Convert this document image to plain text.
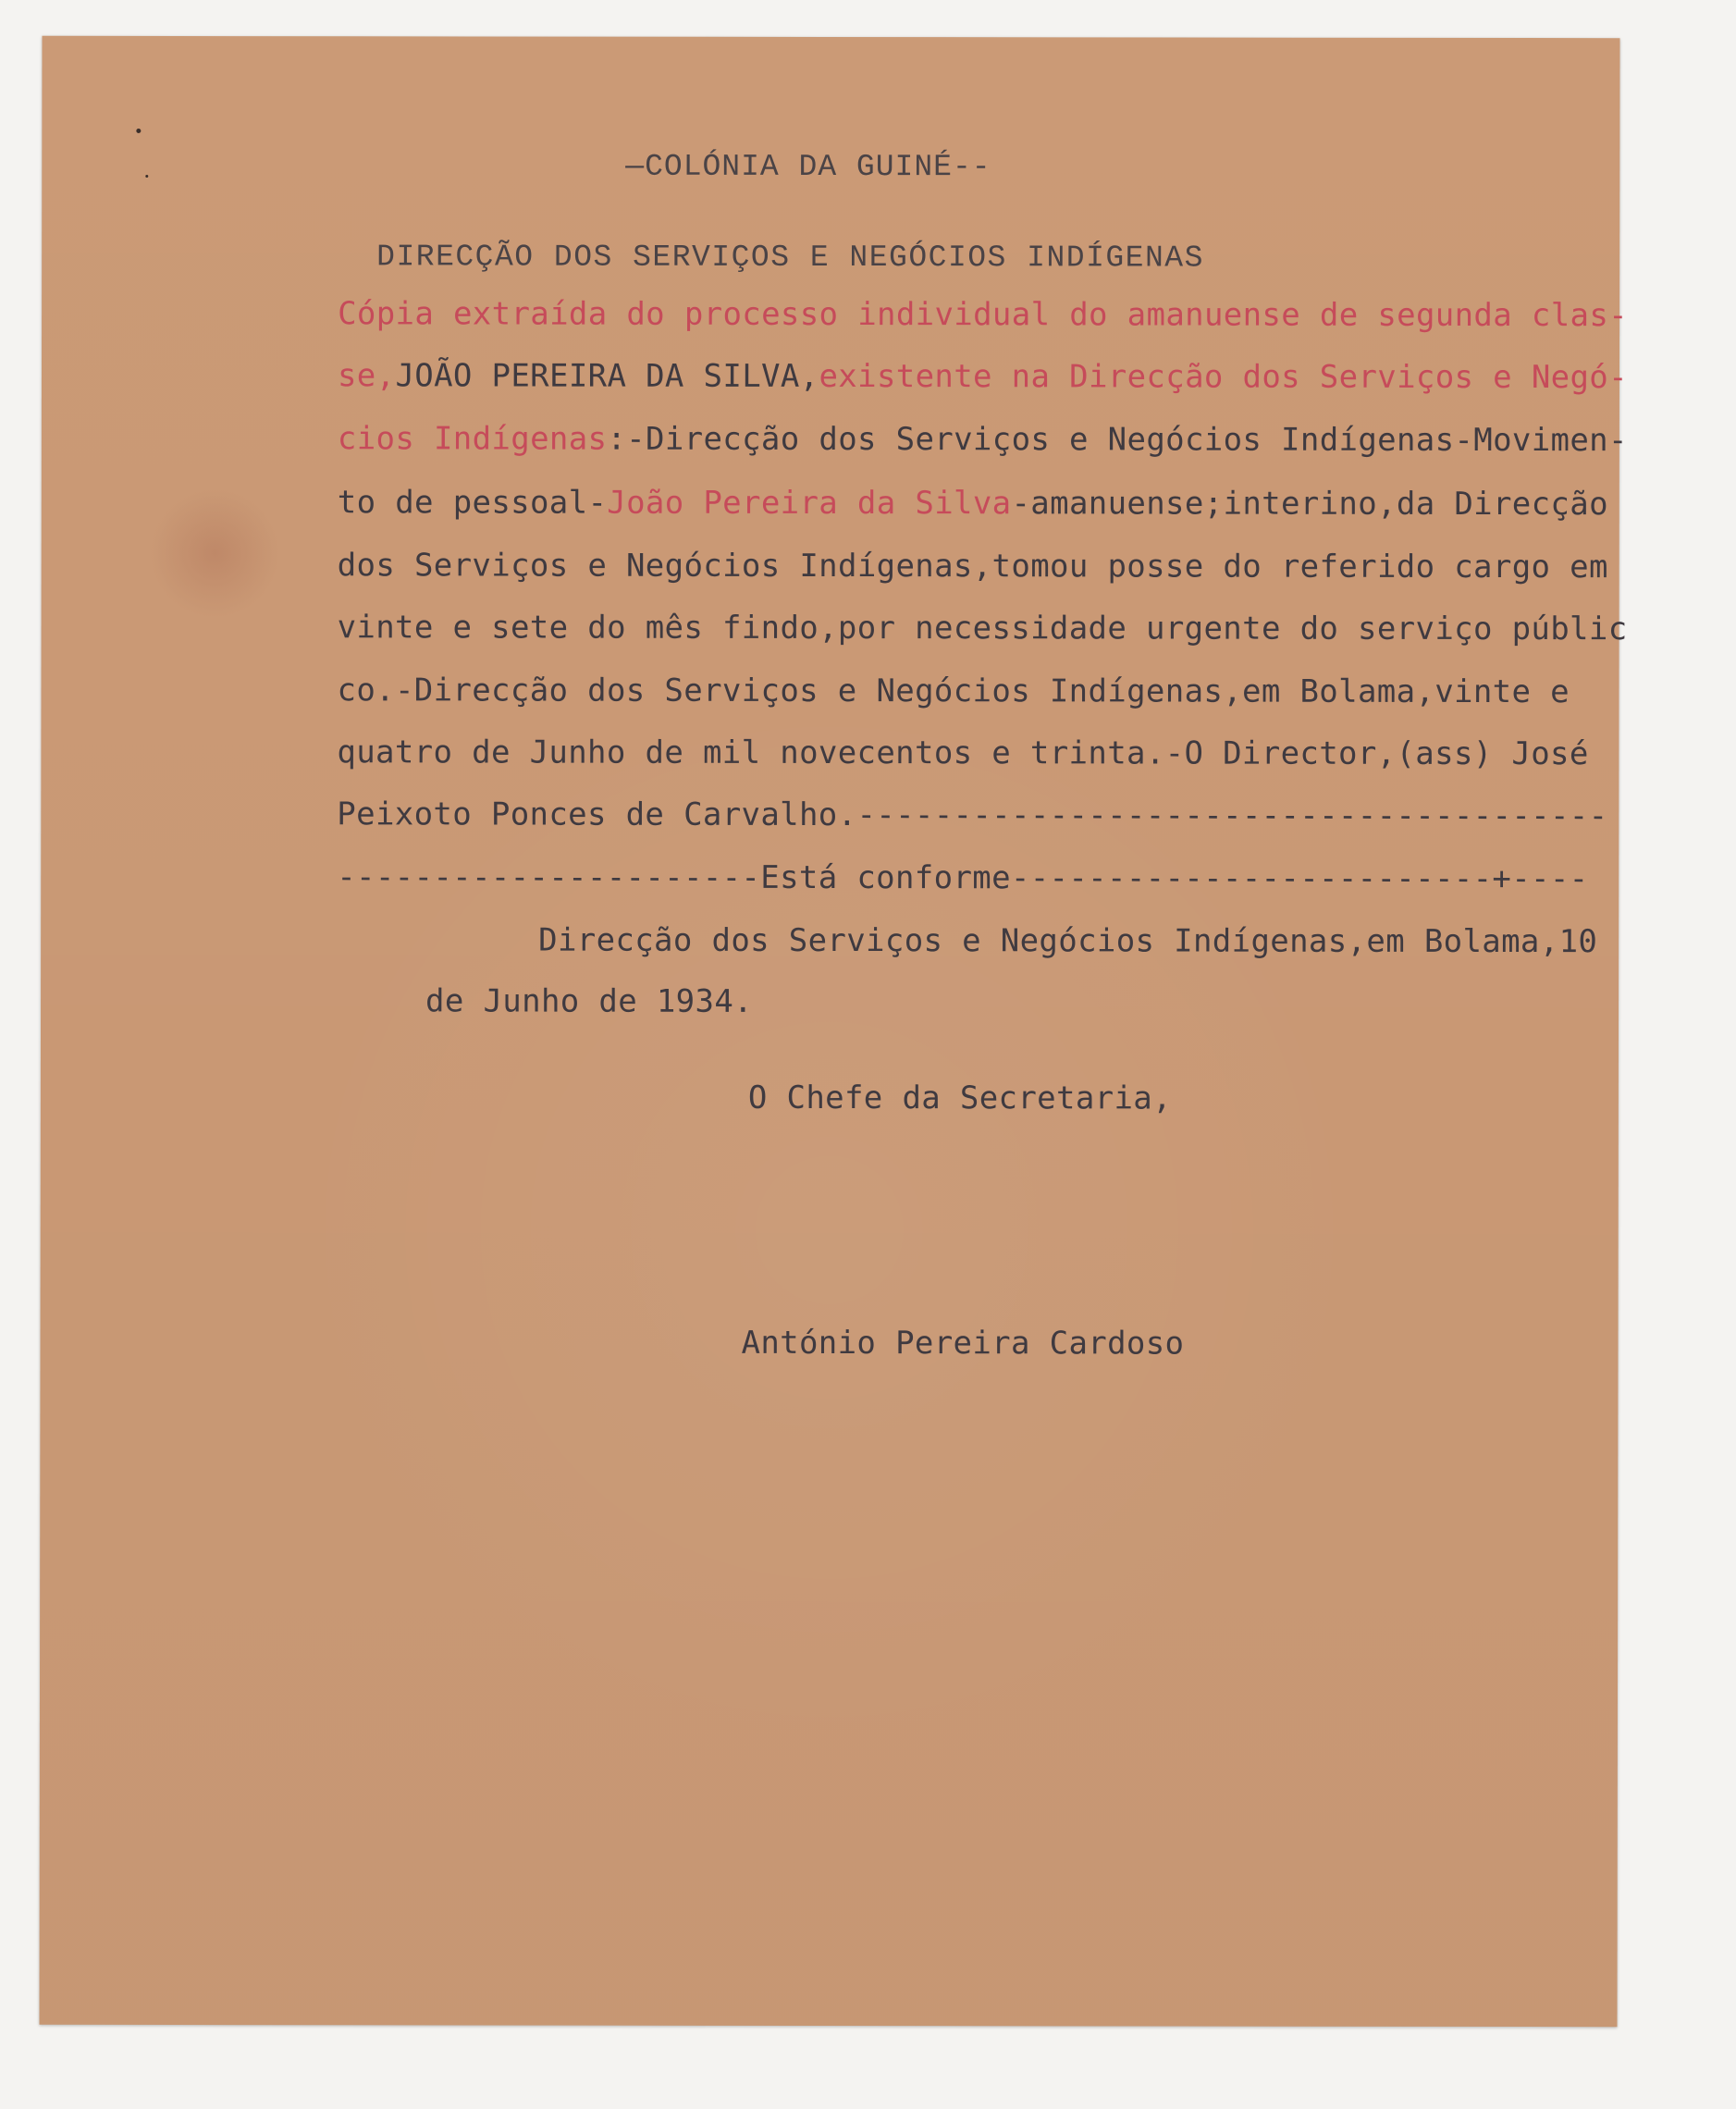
—COLÓNIA DA GUINÉ--
DIRECÇÃO DOS SERVIÇOS E NEGÓCIOS INDÍGENAS
Cópia extraída do processo individual do amanuense de segunda clas-
se,JOÃO PEREIRA DA SILVA,existente na Direcção dos Serviços e Negó-
cios Indígenas:-Direcção dos Serviços e Negócios Indígenas-Movimen-
to de pessoal-João Pereira da Silva-amanuense;interino,da Direcção
dos Serviços e Negócios Indígenas,tomou posse do referido cargo em
vinte e sete do mês findo,por necessidade urgente do serviço públic
co.-Direcção dos Serviços e Negócios Indígenas,em Bolama,vinte e
quatro de Junho de mil novecentos e trinta.-O Director,(ass) José
Peixoto Ponces de Carvalho.---------------------------------------
----------------------Está conforme-------------------------+----
Direcção dos Serviços e Negócios Indígenas,em Bolama,10
de Junho de 1934.
O Chefe da Secretaria,
António Pereira Cardoso
